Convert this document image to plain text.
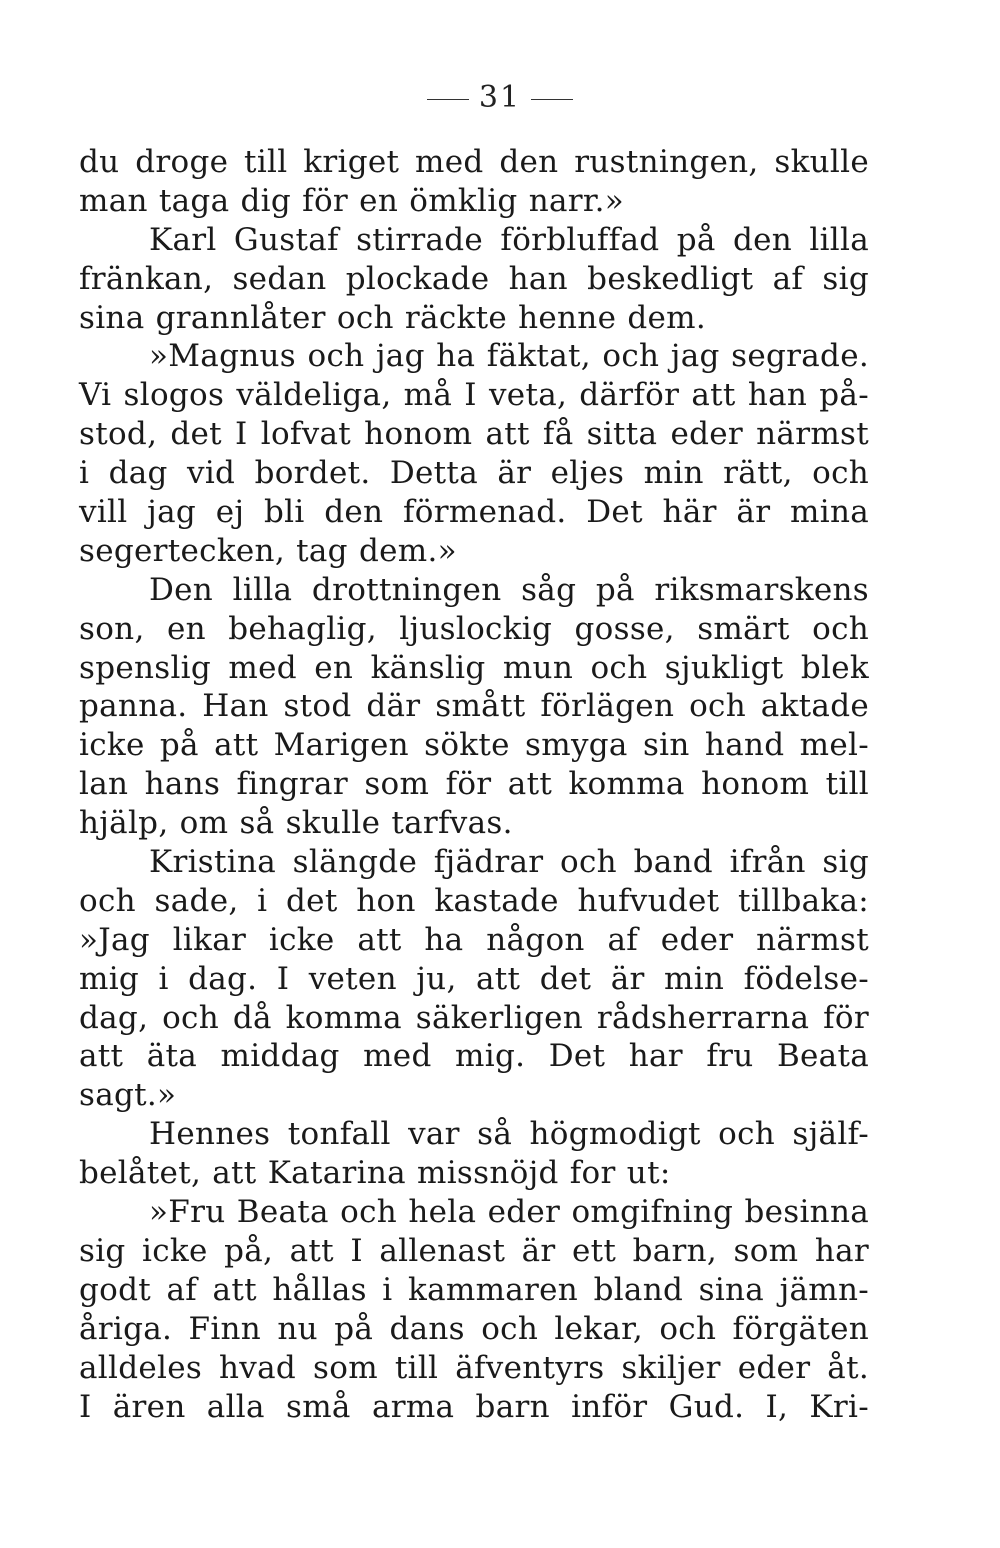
31
du droge till kriget med den rustningen, skulle
man taga dig för en ömklig narr.»
Karl Gustaf stirrade förbluffad på den lilla
fränkan, sedan plockade han beskedligt af sig
sina grannlåter och räckte henne dem.
»Magnus och jag ha fäktat, och jag segrade.
Vi slogos väldeliga, må I veta, därför att han på-
stod, det I lofvat honom att få sitta eder närmst
i dag vid bordet. Detta är eljes min rätt, och
vill jag ej bli den förmenad. Det här är mina
segertecken, tag dem.»
Den lilla drottningen såg på riksmarskens
son, en behaglig, ljuslockig gosse, smärt och
spenslig med en känslig mun och sjukligt blek
panna. Han stod där smått förlägen och aktade
icke på att Marigen sökte smyga sin hand mel-
lan hans fingrar som för att komma honom till
hjälp, om så skulle tarfvas.
Kristina slängde fjädrar och band ifrån sig
och sade, i det hon kastade hufvudet tillbaka:
»Jag likar icke att ha någon af eder närmst
mig i dag. I veten ju, att det är min födelse-
dag, och då komma säkerligen rådsherrarna för
att äta middag med mig. Det har fru Beata
sagt.»
Hennes tonfall var så högmodigt och själf-
belåtet, att Katarina missnöjd for ut:
»Fru Beata och hela eder omgifning besinna
sig icke på, att I allenast är ett barn, som har
godt af att hållas i kammaren bland sina jämn-
åriga. Finn nu på dans och lekar, och förgäten
alldeles hvad som till äfventyrs skiljer eder åt.
I ären alla små arma barn inför Gud. I, Kri-
